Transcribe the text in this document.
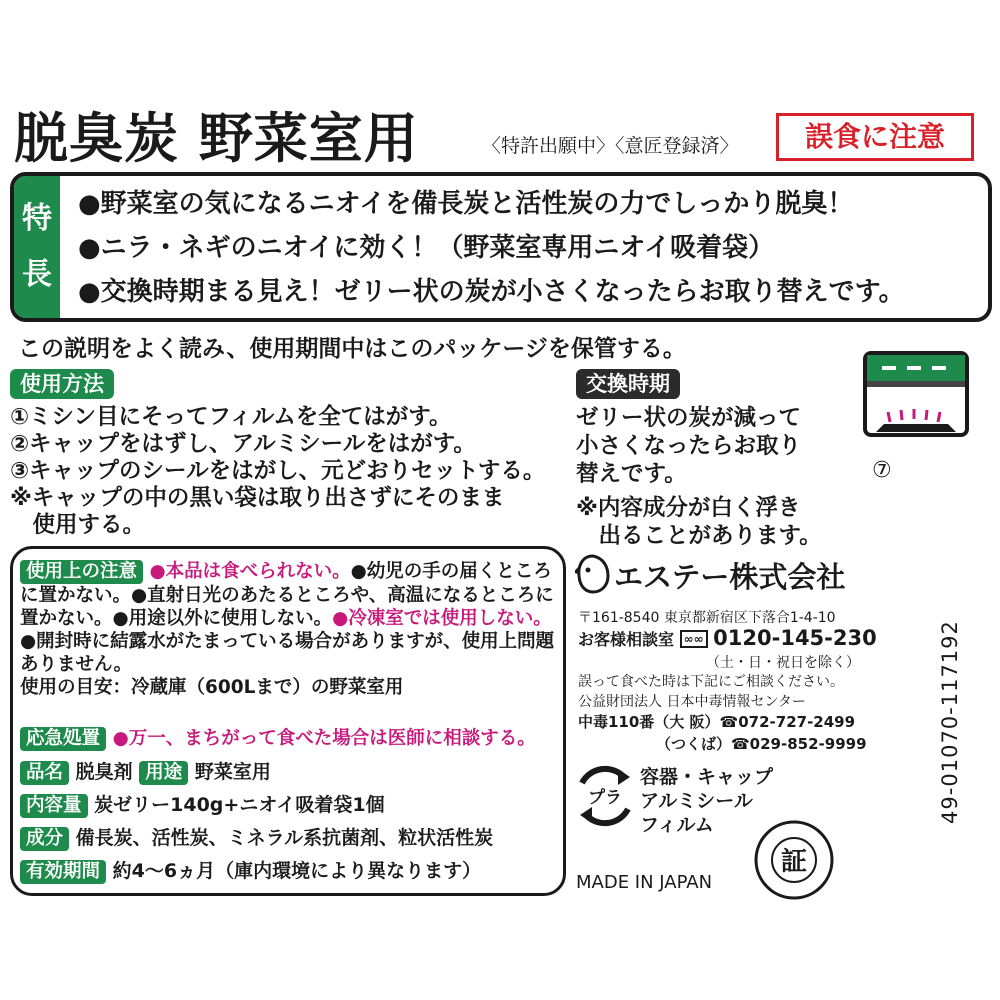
脱臭炭 野菜室用	〈特許出願中〉〈意匠登録済〉	誤食に注意
特
長
●野菜室の気になるニオイを備長炭と活性炭の力でしっかり脱臭！
●ニラ・ネギのニオイに効く！（野菜室専用ニオイ吸着袋）
●交換時期まる見え！ゼリー状の炭が小さくなったらお取り替えです。
この説明をよく読み、使用期間中はこのパッケージを保管する。
使用方法
①ミシン目にそってフィルムを全てはがす。
②キャップをはずし、アルミシールをはがす。
③キャップのシールをはがし、元どおりセットする。
※キャップの中の黒い袋は取り出さずにそのまま
　使用する。
交換時期
ゼリー状の炭が減って
小さくなったらお取り
替えです。
※内容成分が白く浮き
　出ることがあります。
⑦
使用上の注意 ●本品は食べられない。●幼児の手の届くところに置かない。●直射日光のあたるところや、高温になるところに置かない。●用途以外に使用しない。●冷凍室では使用しない。●開封時に結露水がたまっている場合がありますが、使用上問題ありません。
使用の目安：冷蔵庫（600Lまで）の野菜室用
応急処置 ●万一、まちがって食べた場合は医師に相談する。
品名 脱臭剤 用途 野菜室用
内容量 炭ゼリー140g+ニオイ吸着袋1個
成分 備長炭、活性炭、ミネラル系抗菌剤、粒状活性炭
有効期間 約4～6ヵ月（庫内環境により異なります）
エステー株式会社
〒161-8540 東京都新宿区下落合1-4-10
お客様相談室 ∞∞ 0120-145-230
（土・日・祝日を除く）
誤って食べた時は下記にご相談ください。
公益財団法人 日本中毒情報センター
中毒110番（大 阪）☎072-727-2499
（つくば）☎029-852-9999
プラ
容器・キャップ
アルミシール
フィルム
証
MADE IN JAPAN
49-01070-117192
